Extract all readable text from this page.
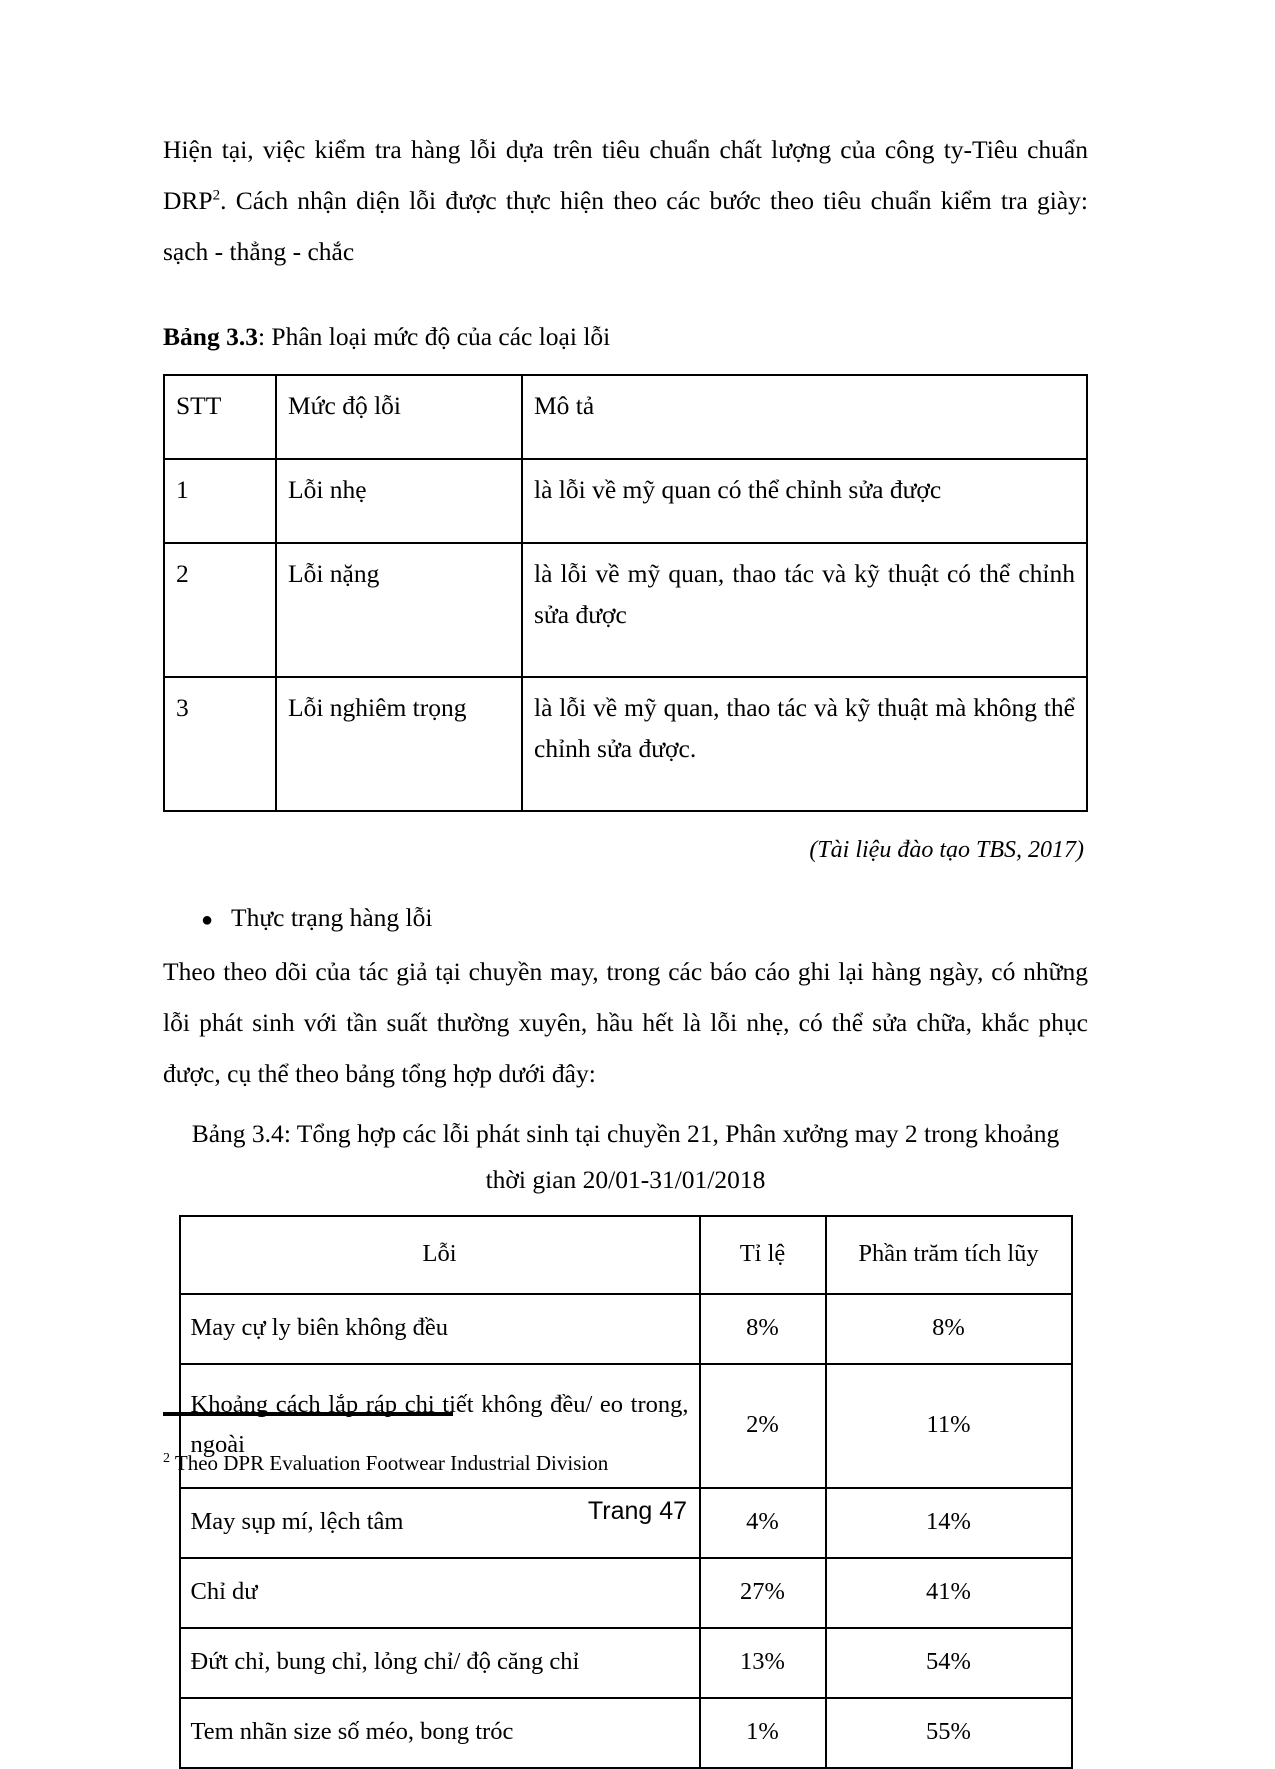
Hiện tại, việc kiểm tra hàng lỗi dựa trên tiêu chuẩn chất lượng của công ty-Tiêu chuẩn DRP$^2$. Cách nhận diện lỗi được thực hiện theo các bước theo tiêu chuẩn kiểm tra giày: sạch - thẳng - chắc

Bảng 3.3: Phân loại mức độ của các loại lỗi

STT	Mức độ lỗi	Mô tả
1	Lỗi nhẹ	là lỗi về mỹ quan có thể chỉnh sửa được
2	Lỗi nặng	là lỗi về mỹ quan, thao tác và kỹ thuật có thể chỉnh sửa được
3	Lỗi nghiêm trọng	là lỗi về mỹ quan, thao tác và kỹ thuật mà không thể chỉnh sửa được.

(Tài liệu đào tạo TBS, 2017)

● Thực trạng hàng lỗi

Theo theo dõi của tác giả tại chuyền may, trong các báo cáo ghi lại hàng ngày, có những lỗi phát sinh với tần suất thường xuyên, hầu hết là lỗi nhẹ, có thể sửa chữa, khắc phục được, cụ thể theo bảng tổng hợp dưới đây:

Bảng 3.4: Tổng hợp các lỗi phát sinh tại chuyền 21, Phân xưởng may 2 trong khoảng

thời gian 20/01-31/01/2018

Lỗi	Tỉ lệ	Phần trăm tích lũy
May cự ly biên không đều	8%	8%
Khoảng cách lắp ráp chi tiết không đều/ eo trong, ngoài	2%	11%
May sụp mí, lệch tâm	4%	14%
Chỉ dư	27%	41%
Đứt chỉ, bung chỉ, lỏng chỉ/ độ căng chỉ	13%	54%
Tem nhãn size số méo, bong tróc	1%	55%
$^2$ Theo DPR Evaluation Footwear Industrial Division
Trang 47
